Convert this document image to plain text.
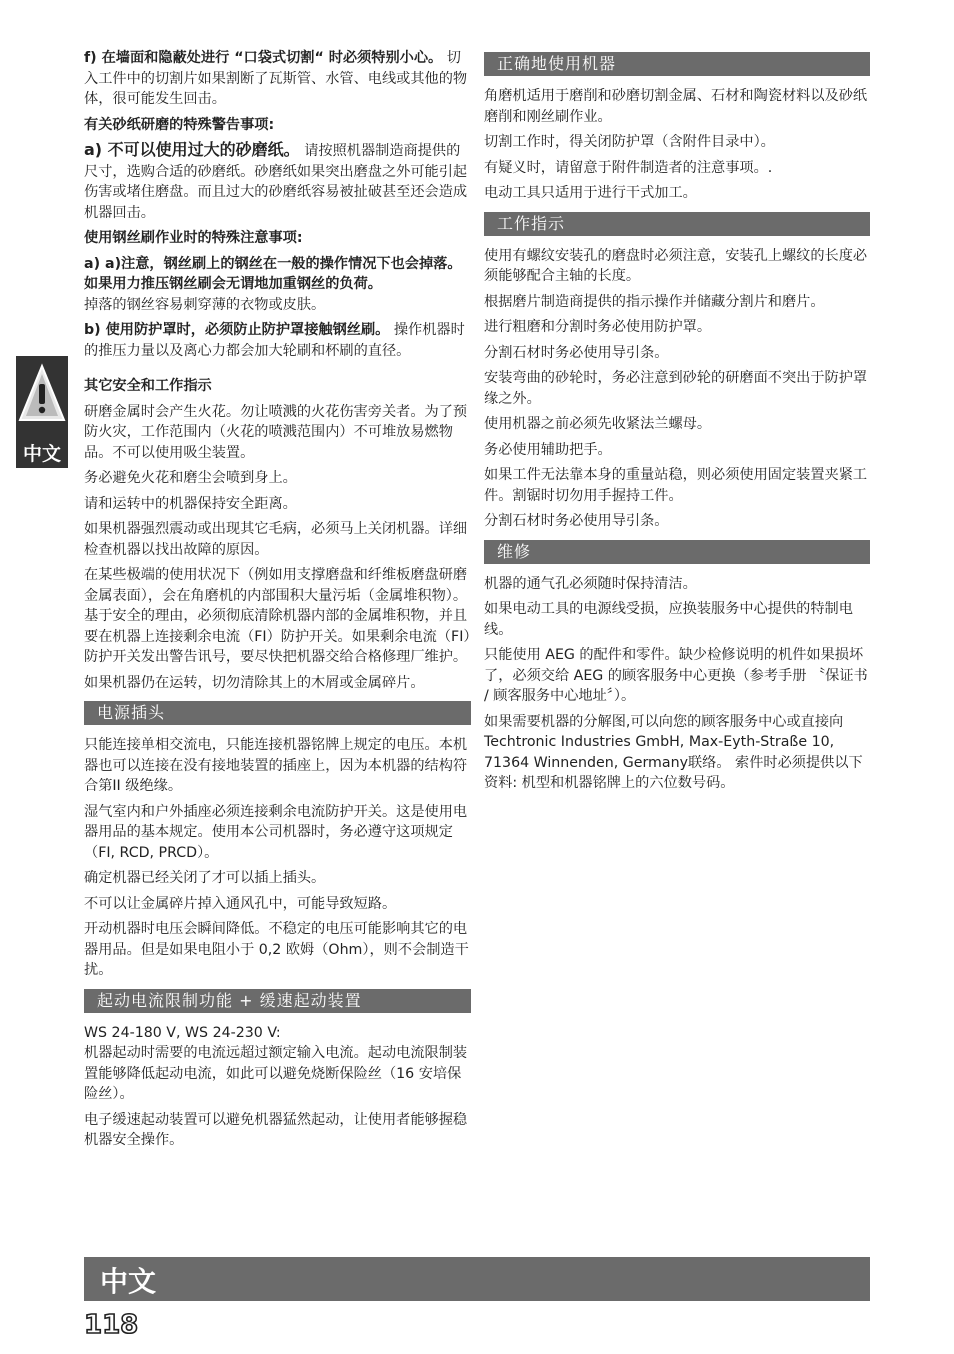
中文

f) 在墙面和隐蔽处进行 “口袋式切割“ 时必须特别小心。 切入工件中的切割片如果割断了瓦斯管、水管、电线或其他的物体，很可能发生回击。

有关砂纸研磨的特殊警告事项:

a) 不可以使用过大的砂磨纸。 请按照机器制造商提供的尺寸，选购合适的砂磨纸。砂磨纸如果突出磨盘之外可能引起伤害或堵住磨盘。而且过大的砂磨纸容易被扯破甚至还会造成机器回击。

使用钢丝刷作业时的特殊注意事项:

a) a)注意，钢丝刷上的钢丝在一般的操作情况下也会掉落。如果用力推压钢丝刷会无谓地加重钢丝的负荷。
掉落的钢丝容易刺穿薄的衣物或皮肤。

b) 使用防护罩时，必须防止防护罩接触钢丝刷。 操作机器时的推压力量以及离心力都会加大轮刷和杯刷的直径。

其它安全和工作指示

研磨金属时会产生火花。勿让喷溅的火花伤害旁关者。为了预防火灾，工作范围内（火花的喷溅范围内）不可堆放易燃物品。不可以使用吸尘装置。

务必避免火花和磨尘会喷到身上。

请和运转中的机器保持安全距离。

如果机器强烈震动或出现其它毛病，必须马上关闭机器。详细检查机器以找出故障的原因。

在某些极端的使用状况下（例如用支撑磨盘和纤维板磨盘研磨金属表面），会在角磨机的内部围积大量污垢（金属堆积物）。基于安全的理由，必须彻底清除机器内部的金属堆积物，并且要在机器上连接剩余电流（FI）防护开关。如果剩余电流（FI）防护开关发出警告讯号，要尽快把机器交给合格修理厂维护。

如果机器仍在运转，切勿清除其上的木屑或金属碎片。

电源插头

只能连接单相交流电，只能连接机器铭牌上规定的电压。本机器也可以连接在没有接地装置的插座上，因为本机器的结构符合第II 级绝缘。

湿气室内和户外插座必须连接剩余电流防护开关。这是使用电器用品的基本规定。使用本公司机器时，务必遵守这项规定 （FI, RCD, PRCD）。

确定机器已经关闭了才可以插上插头。

不可以让金属碎片掉入通风孔中，可能导致短路。

开动机器时电压会瞬间降低。不稳定的电压可能影响其它的电器用品。但是如果电阻小于 0,2 欧姆（Ohm），则不会制造干扰。

起动电流限制功能 + 缓速起动装置

WS 24-180 V, WS 24-230 V:

机器起动时需要的电流远超过额定输入电流。起动电流限制装置能够降低起动电流，如此可以避免烧断保险丝（16 安培保险丝）。

电子缓速起动装置可以避免机器猛然起动，让使用者能够握稳机器安全操作。

正确地使用机器

角磨机适用于磨削和砂磨切割金属、石材和陶瓷材料以及砂纸磨削和刚丝刷作业。

切割工作时，得关闭防护罩（含附件目录中）。

有疑义时，请留意于附件制造者的注意事项。.

电动工具只适用于进行干式加工。

工作指示

使用有螺纹安装孔的磨盘时必须注意，安装孔上螺纹的长度必须能够配合主轴的长度。

根据磨片制造商提供的指示操作并储藏分割片和磨片。

进行粗磨和分割时务必使用防护罩。

分割石材时务必使用导引条。

安装弯曲的砂轮时，务必注意到砂轮的研磨面不突出于防护罩缘之外。

使用机器之前必须先收紧法兰螺母。

务必使用辅助把手。

如果工件无法靠本身的重量站稳，则必须使用固定装置夹紧工件。割锯时切勿用手握持工件。

分割石材时务必使用导引条。

维修

机器的通气孔必须随时保持清洁。

如果电动工具的电源线受损，应换装服务中心提供的特制电线。

只能使用 AEG 的配件和零件。缺少检修说明的机件如果损坏了，必须交给 AEG 的顾客服务中心更换（参考手册 〝保证书 / 顾客服务中心地址〞）。

如果需要机器的分解图,可以向您的顾客服务中心或直接向 Techtronic Industries GmbH, Max-Eyth-Straße 10, 71364 Winnenden, Germany联络。 索件时必须提供以下资料: 机型和机器铭牌上的六位数号码。

中文
118
